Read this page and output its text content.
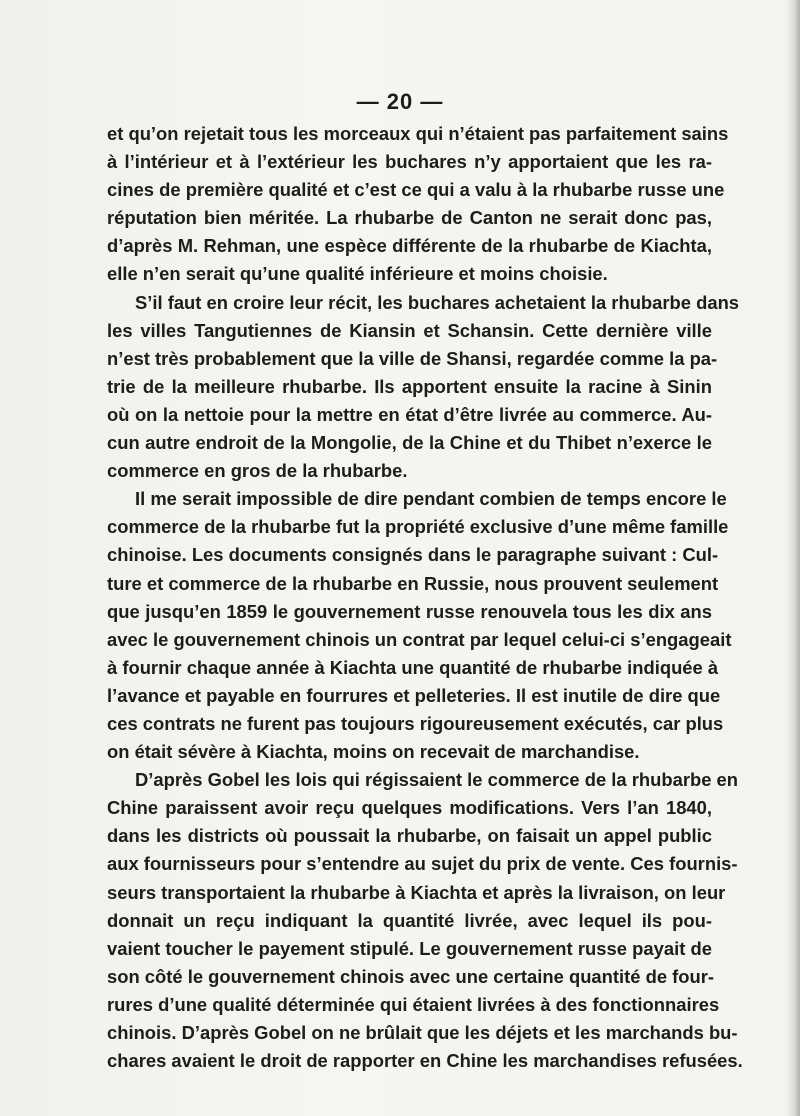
— 20 —
et qu’on rejetait tous les morceaux qui n’étaient pas parfaitement sains
à l’intérieur et à l’extérieur les buchares n’y apportaient que les ra-
cines de première qualité et c’est ce qui a valu à la rhubarbe russe une
réputation bien méritée. La rhubarbe de Canton ne serait donc pas,
d’après M. Rehman, une espèce différente de la rhubarbe de Kiachta,
elle n’en serait qu’une qualité inférieure et moins choisie.
S’il faut en croire leur récit, les buchares achetaient la rhubarbe dans
les villes Tangutiennes de Kiansin et Schansin. Cette dernière ville
n’est très probablement que la ville de Shansi, regardée comme la pa-
trie de la meilleure rhubarbe. Ils apportent ensuite la racine à Sinin
où on la nettoie pour la mettre en état d’être livrée au commerce. Au-
cun autre endroit de la Mongolie, de la Chine et du Thibet n’exerce le
commerce en gros de la rhubarbe.
Il me serait impossible de dire pendant combien de temps encore le
commerce de la rhubarbe fut la propriété exclusive d’une même famille
chinoise. Les documents consignés dans le paragraphe suivant : Cul-
ture et commerce de la rhubarbe en Russie, nous prouvent seulement
que jusqu’en 1859 le gouvernement russe renouvela tous les dix ans
avec le gouvernement chinois un contrat par lequel celui-ci s’engageait
à fournir chaque année à Kiachta une quantité de rhubarbe indiquée à
l’avance et payable en fourrures et pelleteries. Il est inutile de dire que
ces contrats ne furent pas toujours rigoureusement exécutés, car plus
on était sévère à Kiachta, moins on recevait de marchandise.
D’après Gobel les lois qui régissaient le commerce de la rhubarbe en
Chine paraissent avoir reçu quelques modifications. Vers l’an 1840,
dans les districts où poussait la rhubarbe, on faisait un appel public
aux fournisseurs pour s’entendre au sujet du prix de vente. Ces fournis-
seurs transportaient la rhubarbe à Kiachta et après la livraison, on leur
donnait un reçu indiquant la quantité livrée, avec lequel ils pou-
vaient toucher le payement stipulé. Le gouvernement russe payait de
son côté le gouvernement chinois avec une certaine quantité de four-
rures d’une qualité déterminée qui étaient livrées à des fonctionnaires
chinois. D’après Gobel on ne brûlait que les déjets et les marchands bu-
chares avaient le droit de rapporter en Chine les marchandises refusées.
